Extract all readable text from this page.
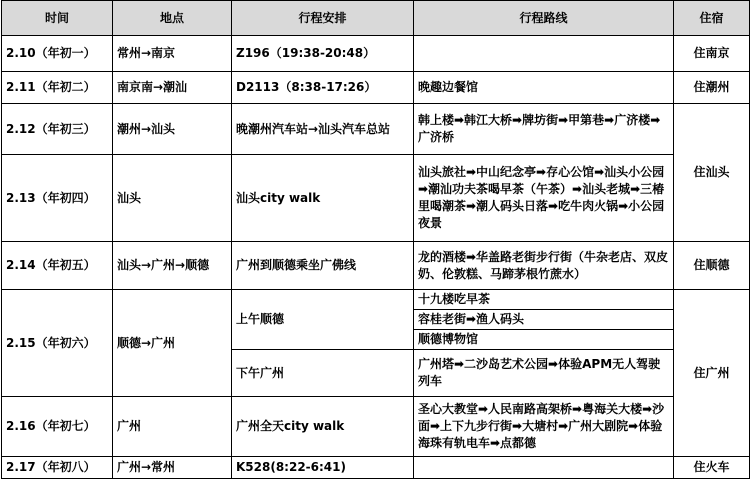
时间	地点	行程安排	行程路线	住宿
2.10（年初一）	常州→南京	Z196（19:38-20:48）		住南京
2.11（年初二）	南京南→潮汕	D2113（8:38-17:26）	晚趣边餐馆	住潮州
2.12（年初三）	潮州→汕头	晚潮州汽车站→汕头汽车总站	韩上楼➡韩江大桥➡牌坊街➡甲第巷➡广济楼➡广济桥	住汕头
2.13（年初四）	汕头	汕头city walk	汕头旅社➡中山纪念亭➡存心公馆➡汕头小公园➡潮汕功夫茶喝早茶（午茶）➡汕头老城➡三椿里喝潮茶➡潮人码头日落➡吃牛肉火锅➡小公园夜景	
2.14（年初五）	汕头→广州→顺德	广州到顺德乘坐广佛线	龙的酒楼➡华盖路老街步行街（牛杂老店、双皮奶、伦敦糕、马蹄茅根竹蔗水）	住顺德
2.15（年初六）	顺德→广州	上午顺德	十九楼吃早茶	住广州
			容桂老街➡渔人码头	
			顺德博物馆	
		下午广州	广州塔➡二沙岛艺术公园➡体验APM无人驾驶列车	
2.16（年初七）	广州	广州全天city walk	圣心大教堂➡人民南路高架桥➡粤海关大楼➡沙面➡上下九步行街➡大塘村➡广州大剧院➡体验海珠有轨电车➡点都德	
2.17（年初八）	广州→常州	K528(8:22-6:41)		住火车
